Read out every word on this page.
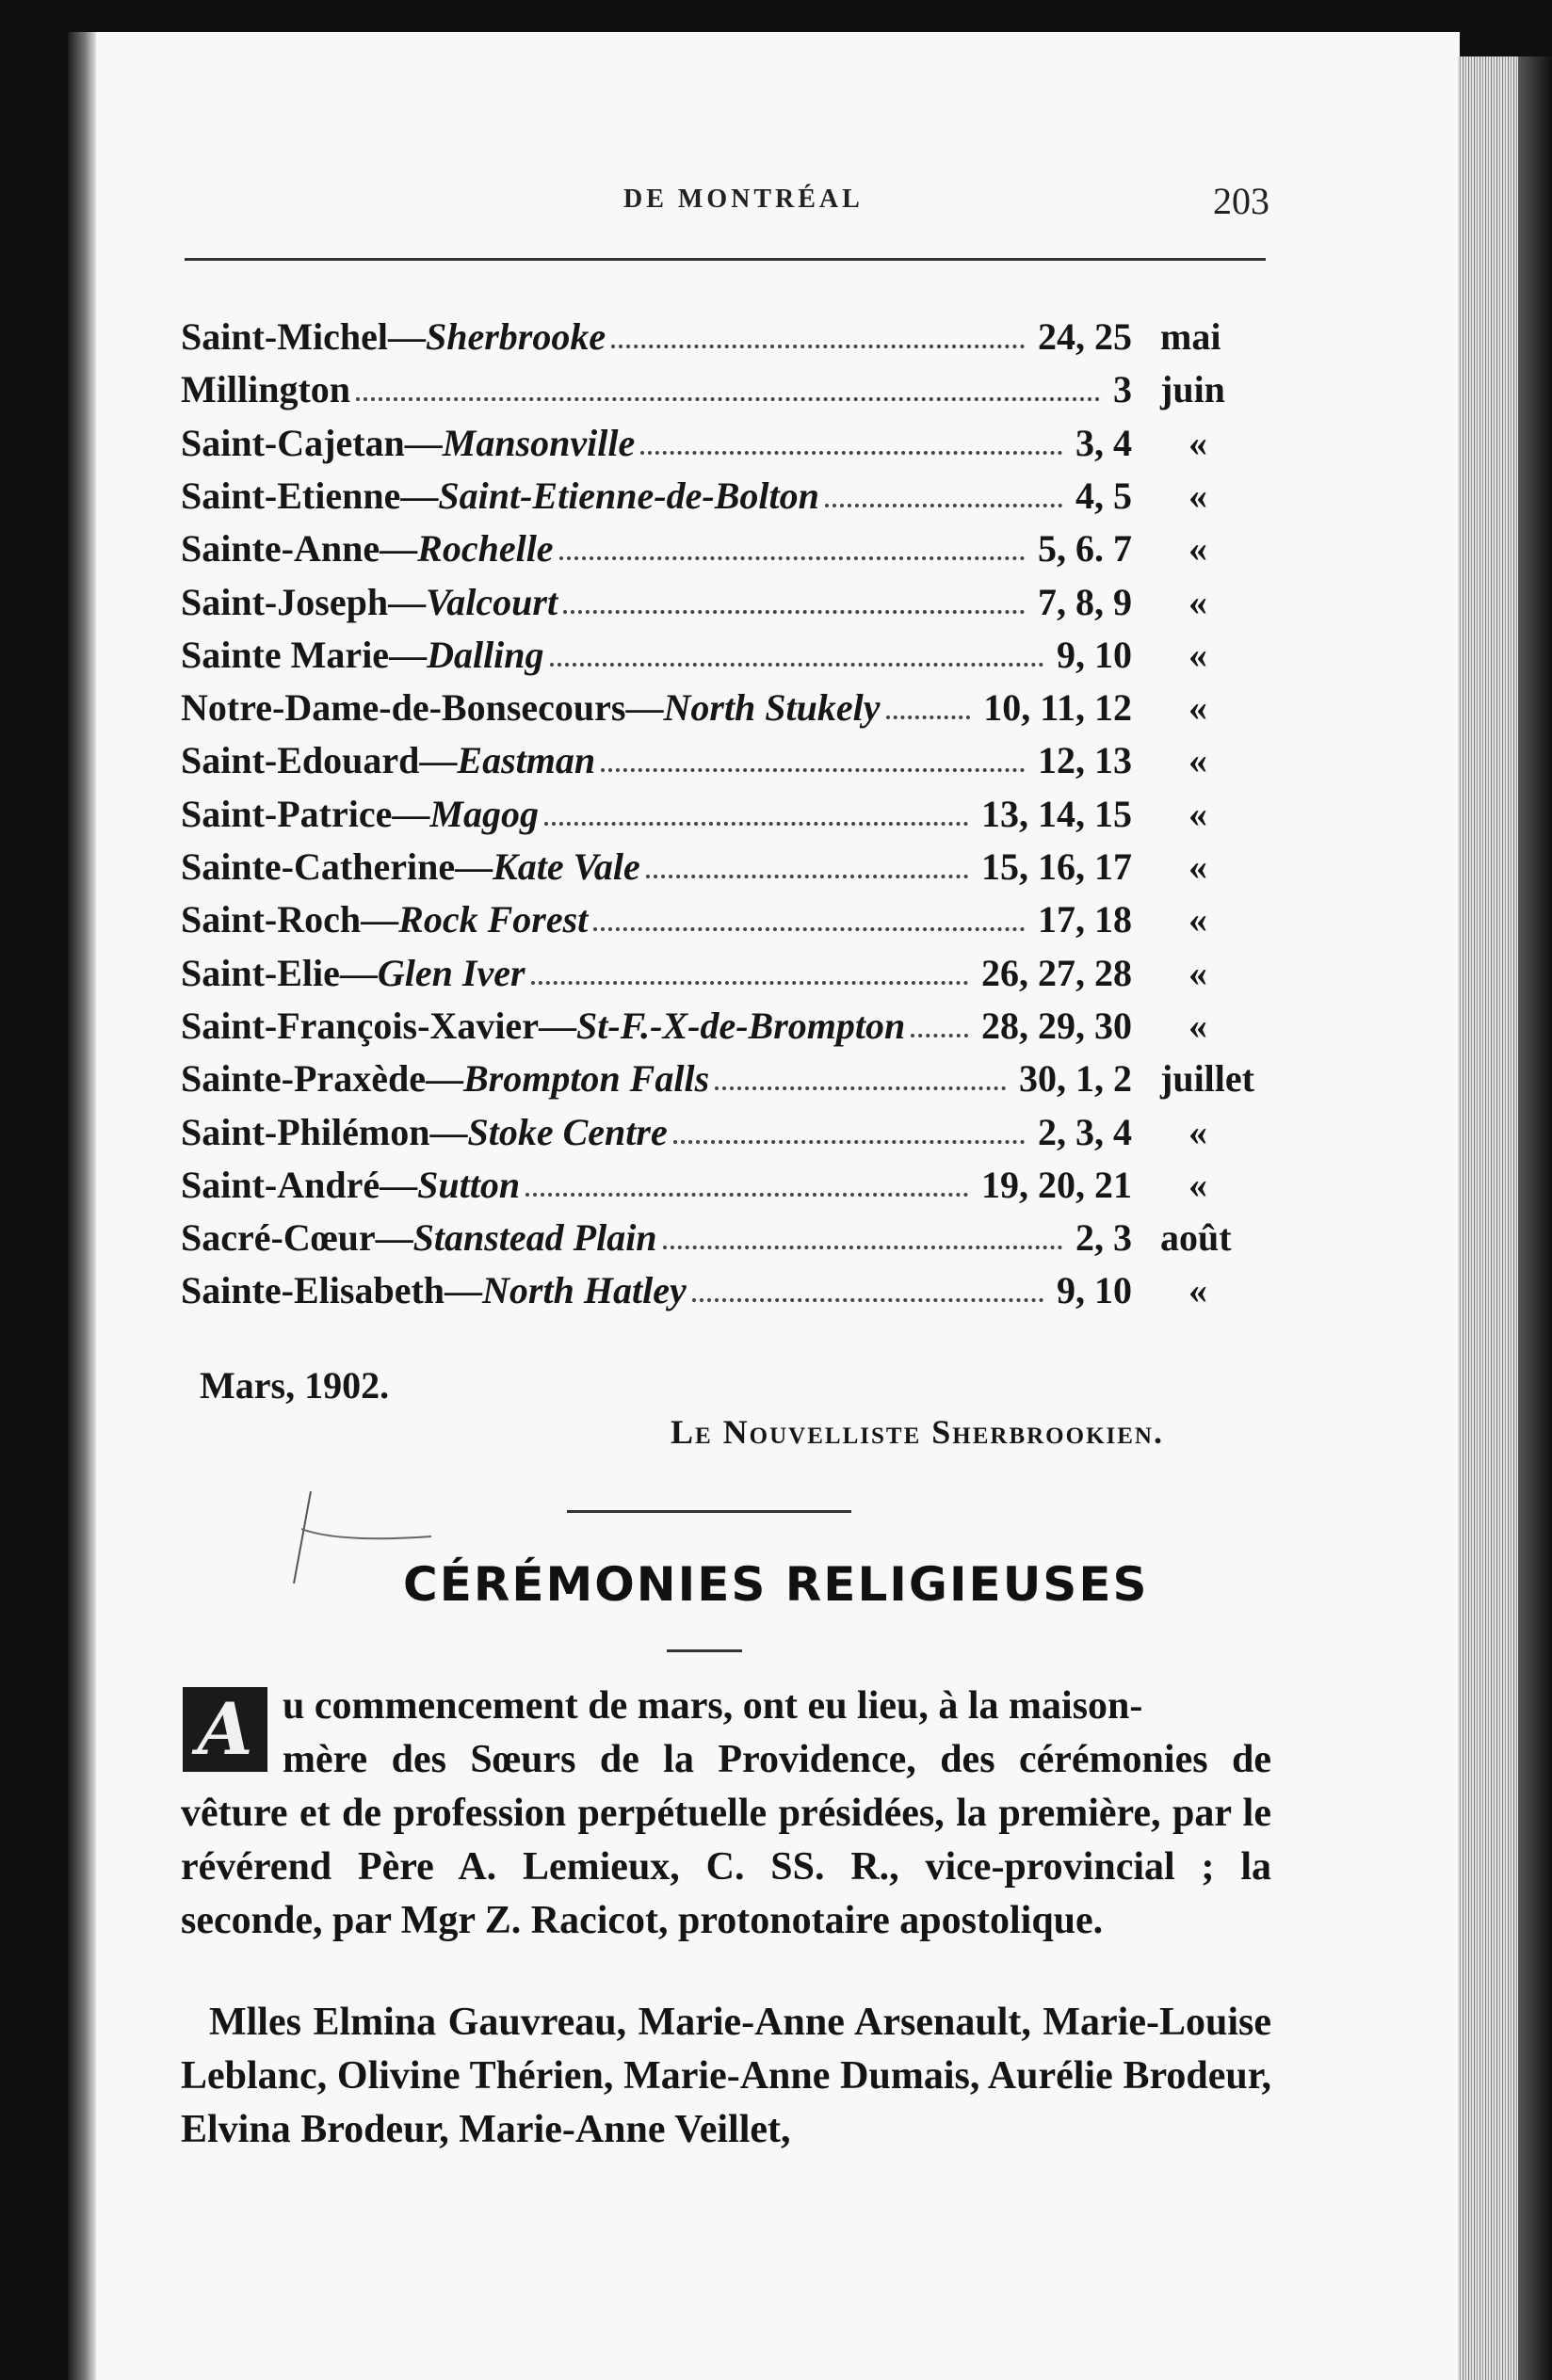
DE MONTRÉAL	203
Saint-Michel—Sherbrooke	24, 25 mai
Millington	3 juin
Saint-Cajetan—Mansonville	3, 4 «
Saint-Etienne—Saint-Etienne-de-Bolton	4, 5 «
Sainte-Anne—Rochelle	5, 6. 7 «
Saint-Joseph—Valcourt	7, 8, 9 «
Sainte Marie—Dalling	9, 10 «
Notre-Dame-de-Bonsecours—North Stukely	10, 11, 12 «
Saint-Edouard—Eastman	12, 13 «
Saint-Patrice—Magog	13, 14, 15 «
Sainte-Catherine—Kate Vale	15, 16, 17 «
Saint-Roch—Rock Forest	17, 18 «
Saint-Elie—Glen Iver	26, 27, 28 «
Saint-François-Xavier—St-F.-X-de-Brompton 28, 29, 30 «
Sainte-Praxède—Brompton Falls	30, 1, 2 juillet
Saint-Philémon—Stoke Centre	2, 3, 4 «
Saint-André—Sutton	19, 20, 21 «
Sacré-Cœur—Stanstead Plain	2, 3 août
Sainte-Elisabeth—North Hatley	9, 10 «
Mars, 1902.
Le Nouvelliste Sherbrookien.
CÉRÉMONIES RELIGIEUSES
A u commencement de mars, ont eu lieu, à la maison-
mère des Sœurs de la Providence, des cérémonies de vêture et de profession perpétuelle présidées, la première, par le révérend Père A. Lemieux, C. SS. R., vice-provincial ; la seconde, par Mgr Z. Racicot, protonotaire apostolique.
Mlles Elmina Gauvreau, Marie-Anne Arsenault, Marie-Louise Leblanc, Olivine Thérien, Marie-Anne Dumais, Aurélie Brodeur, Elvina Brodeur, Marie-Anne Veillet,
